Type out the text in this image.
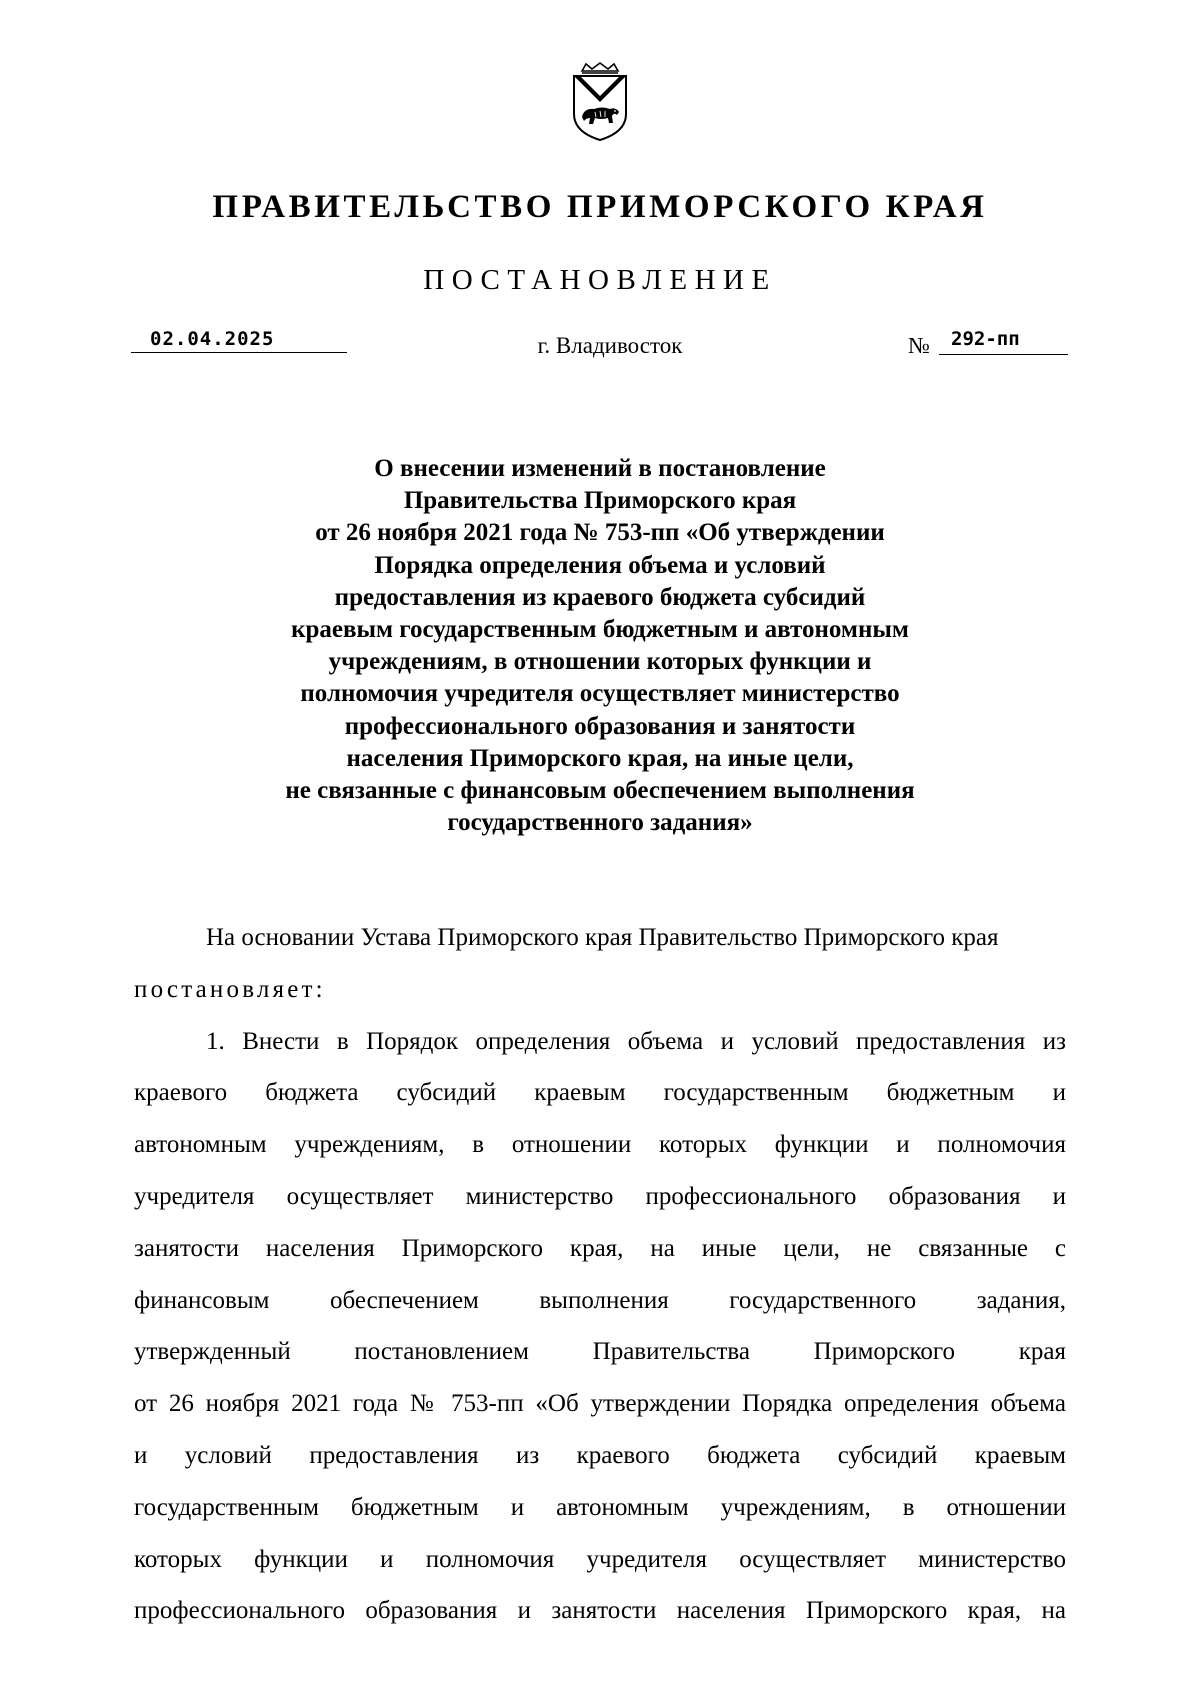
ПРАВИТЕЛЬСТВО ПРИМОРСКОГО КРАЯ
ПОСТАНОВЛЕНИЕ
02.04.2025	г. Владивосток	№	292-пп
О внесении изменений в постановление
Правительства Приморского края
от 26 ноября 2021 года № 753-пп «Об утверждении
Порядка определения объема и условий
предоставления из краевого бюджета субсидий
краевым государственным бюджетным и автономным
учреждениям, в отношении которых функции и
полномочия учредителя осуществляет министерство
профессионального образования и занятости
населения Приморского края, на иные цели,
не связанные с финансовым обеспечением выполнения
государственного задания»
На основании Устава Приморского края Правительство Приморского края
постановляет:
1. Внести в Порядок определения объема и условий предоставления из
краевого бюджета субсидий краевым государственным бюджетным и
автономным учреждениям, в отношении которых функции и полномочия
учредителя осуществляет министерство профессионального образования и
занятости населения Приморского края, на иные цели, не связанные с
финансовым обеспечением выполнения государственного задания,
утвержденный постановлением Правительства Приморского края
от 26 ноября 2021 года № 753-пп «Об утверждении Порядка определения объема
и условий предоставления из краевого бюджета субсидий краевым
государственным бюджетным и автономным учреждениям, в отношении
которых функции и полномочия учредителя осуществляет министерство
профессионального образования и занятости населения Приморского края, на
